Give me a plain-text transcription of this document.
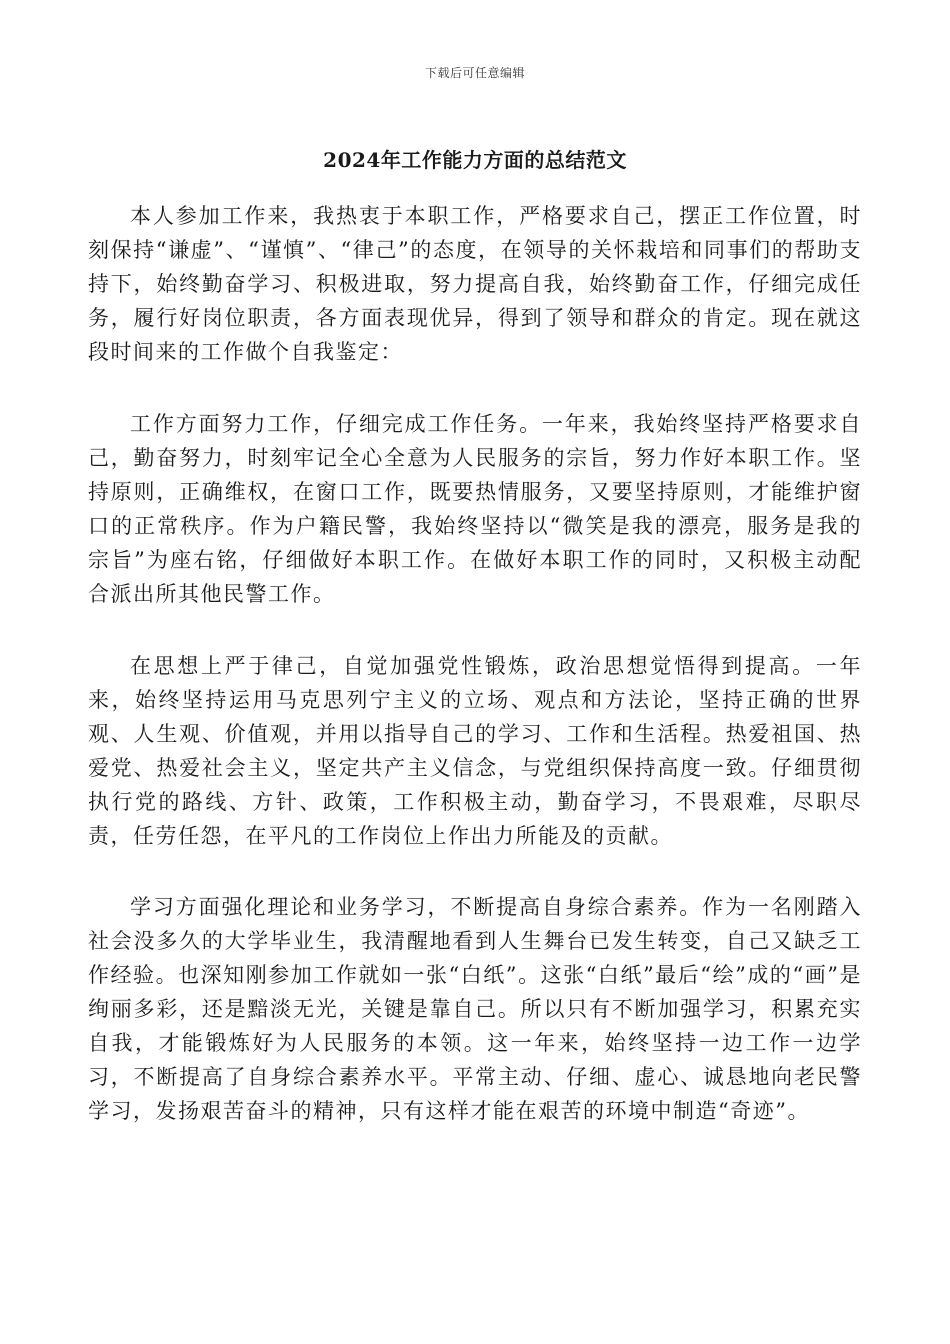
下载后可任意编辑
2024年工作能力方面的总结范文

本人参加工作来，我热衷于本职工作，严格要求自己，摆正工作位置，时刻保持“谦虚”、“谨慎”、“律己”的态度，在领导的关怀栽培和同事们的帮助支持下，始终勤奋学习、积极进取，努力提高自我，始终勤奋工作，仔细完成任务，履行好岗位职责，各方面表现优异，得到了领导和群众的肯定。现在就这段时间来的工作做个自我鉴定：

工作方面努力工作，仔细完成工作任务。一年来，我始终坚持严格要求自己，勤奋努力，时刻牢记全心全意为人民服务的宗旨，努力作好本职工作。坚持原则，正确维权，在窗口工作，既要热情服务，又要坚持原则，才能维护窗口的正常秩序。作为户籍民警，我始终坚持以“微笑是我的漂亮，服务是我的宗旨”为座右铭，仔细做好本职工作。在做好本职工作的同时，又积极主动配合派出所其他民警工作。

在思想上严于律己，自觉加强党性锻炼，政治思想觉悟得到提高。一年来，始终坚持运用马克思列宁主义的立场、观点和方法论，坚持正确的世界观、人生观、价值观，并用以指导自己的学习、工作和生活程。热爱祖国、热爱党、热爱社会主义，坚定共产主义信念，与党组织保持高度一致。仔细贯彻执行党的路线、方针、政策，工作积极主动，勤奋学习，不畏艰难，尽职尽责，任劳任怨，在平凡的工作岗位上作出力所能及的贡献。

学习方面强化理论和业务学习，不断提高自身综合素养。作为一名刚踏入社会没多久的大学毕业生，我清醒地看到人生舞台已发生转变，自己又缺乏工作经验。也深知刚参加工作就如一张“白纸”。这张“白纸”最后“绘”成的“画”是绚丽多彩，还是黯淡无光，关键是靠自己。所以只有不断加强学习，积累充实自我，才能锻炼好为人民服务的本领。这一年来，始终坚持一边工作一边学习，不断提高了自身综合素养水平。平常主动、仔细、虚心、诚恳地向老民警学习，发扬艰苦奋斗的精神，只有这样才能在艰苦的环境中制造“奇迹”。
